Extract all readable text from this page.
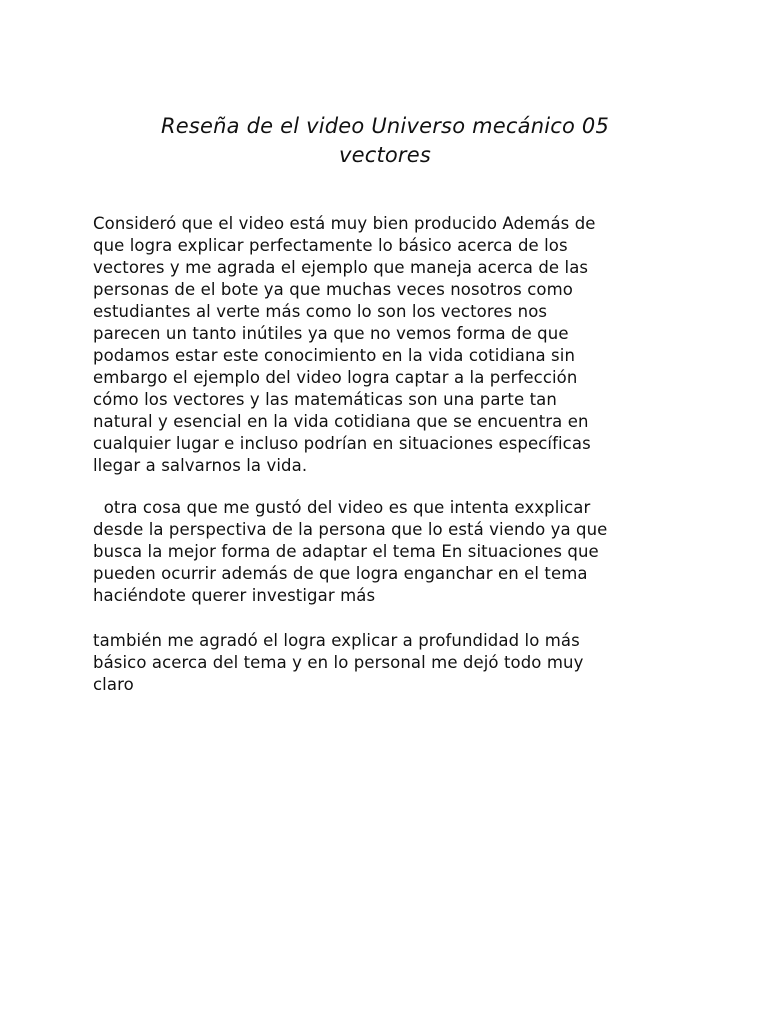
Reseña de el video Universo mecánico 05
vectores

Consideró que el video está muy bien producido Además de
que logra explicar perfectamente lo básico acerca de los
vectores y me agrada el ejemplo que maneja acerca de las
personas de el bote ya que muchas veces nosotros como
estudiantes al verte más como lo son los vectores nos
parecen un tanto inútiles ya que no vemos forma de que
podamos estar este conocimiento en la vida cotidiana sin
embargo el ejemplo del video logra captar a la perfección
cómo los vectores y las matemáticas son una parte tan
natural y esencial en la vida cotidiana que se encuentra en
cualquier lugar e incluso podrían en situaciones específicas
llegar a salvarnos la vida.

otra cosa que me gustó del video es que intenta exxplicar
desde la perspectiva de la persona que lo está viendo ya que
busca la mejor forma de adaptar el tema En situaciones que
pueden ocurrir además de que logra enganchar en el tema
haciéndote querer investigar más

también me agradó el logra explicar a profundidad lo más
básico acerca del tema y en lo personal me dejó todo muy
claro
